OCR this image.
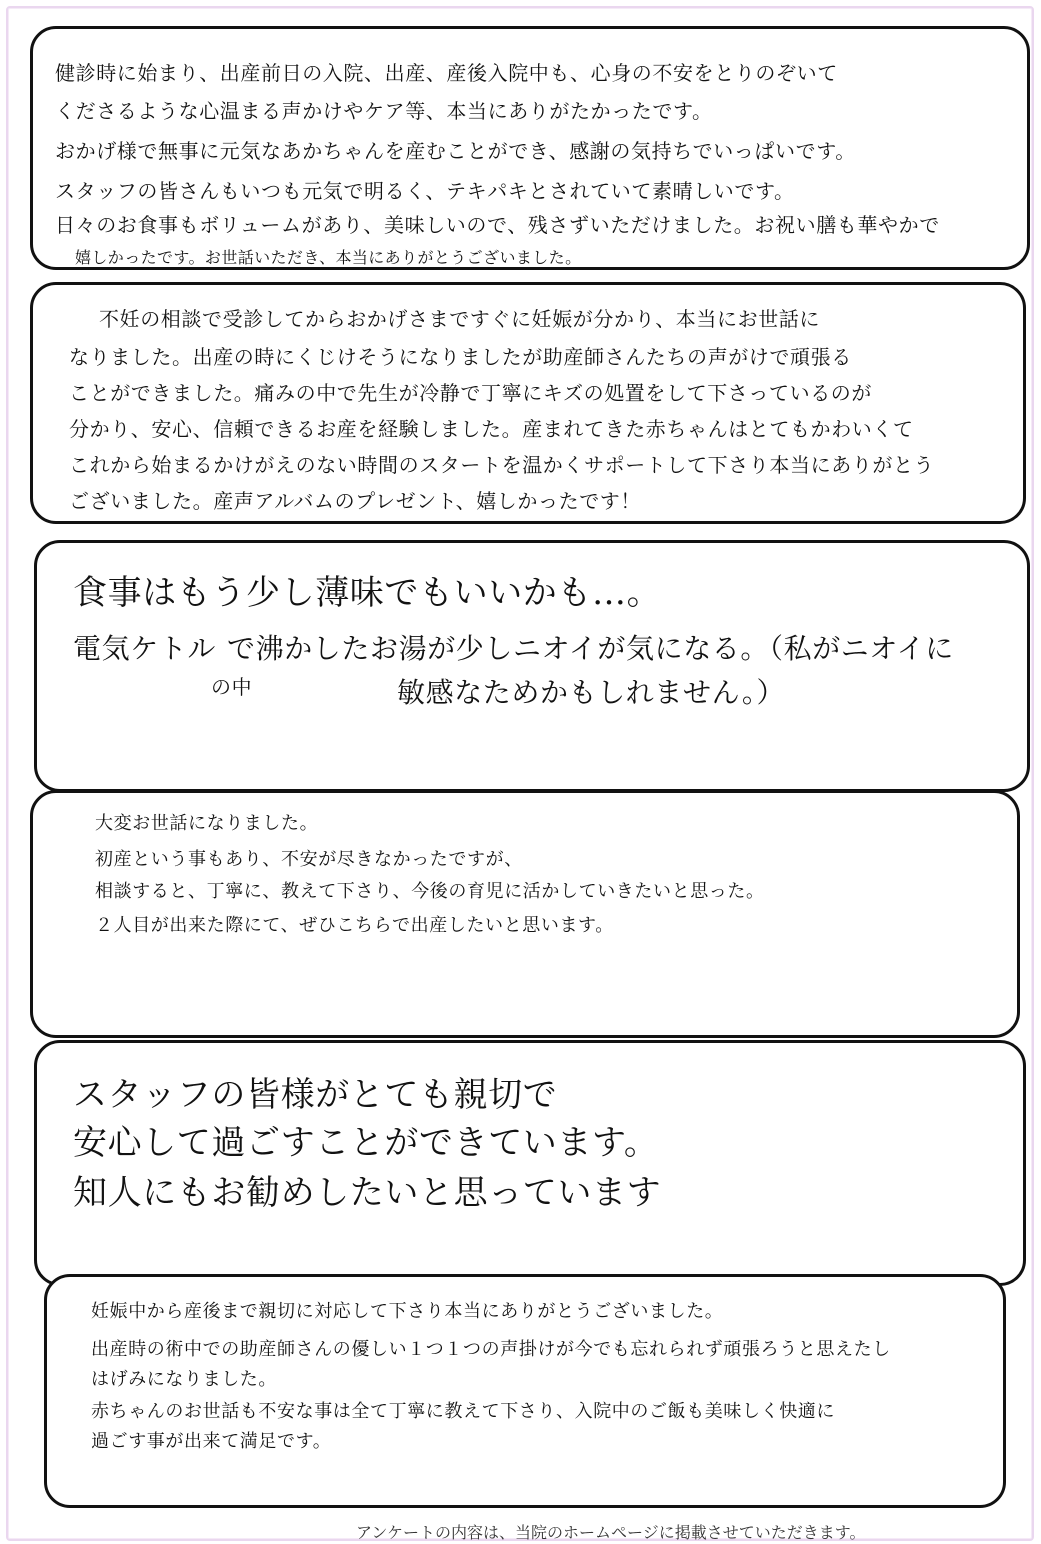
健診時に始まり、出産前日の入院、出産、産後入院中も、心身の不安をとりのぞいて
くださるような心温まる声かけやケア等、本当にありがたかったです。
おかげ様で無事に元気なあかちゃんを産むことができ、感謝の気持ちでいっぱいです。
スタッフの皆さんもいつも元気で明るく、テキパキとされていて素晴しいです。
日々のお食事もボリュームがあり、美味しいので、残さずいただけました。お祝い膳も華やかで
嬉しかったです。お世話いただき、本当にありがとうございました。
不妊の相談で受診してからおかげさまですぐに妊娠が分かり、本当にお世話に
なりました。出産の時にくじけそうになりましたが助産師さんたちの声がけで頑張る
ことができました。痛みの中で先生が冷静で丁寧にキズの処置をして下さっているのが
分かり、安心、信頼できるお産を経験しました。産まれてきた赤ちゃんはとてもかわいくて
これから始まるかけがえのない時間のスタートを温かくサポートして下さり本当にありがとう
ございました。産声アルバムのプレゼント、嬉しかったです！
食事はもう少し薄味でもいいかも…。
電気ケトル で沸かしたお湯が少しニオイが気になる。（私がニオイに
の中	敏感なためかもしれません。）
大変お世話になりました。
初産という事もあり、不安が尽きなかったですが、
相談すると、丁寧に、教えて下さり、今後の育児に活かしていきたいと思った。
２人目が出来た際にて、ぜひこちらで出産したいと思います。
スタッフの皆様がとても親切で
安心して過ごすことができています。
知人にもお勧めしたいと思っています
妊娠中から産後まで親切に対応して下さり本当にありがとうございました。
出産時の術中での助産師さんの優しい１つ１つの声掛けが今でも忘れられず頑張ろうと思えたし
はげみになりました。
赤ちゃんのお世話も不安な事は全て丁寧に教えて下さり、入院中のご飯も美味しく快適に
過ごす事が出来て満足です。
アンケートの内容は、当院のホームページに掲載させていただきます。
